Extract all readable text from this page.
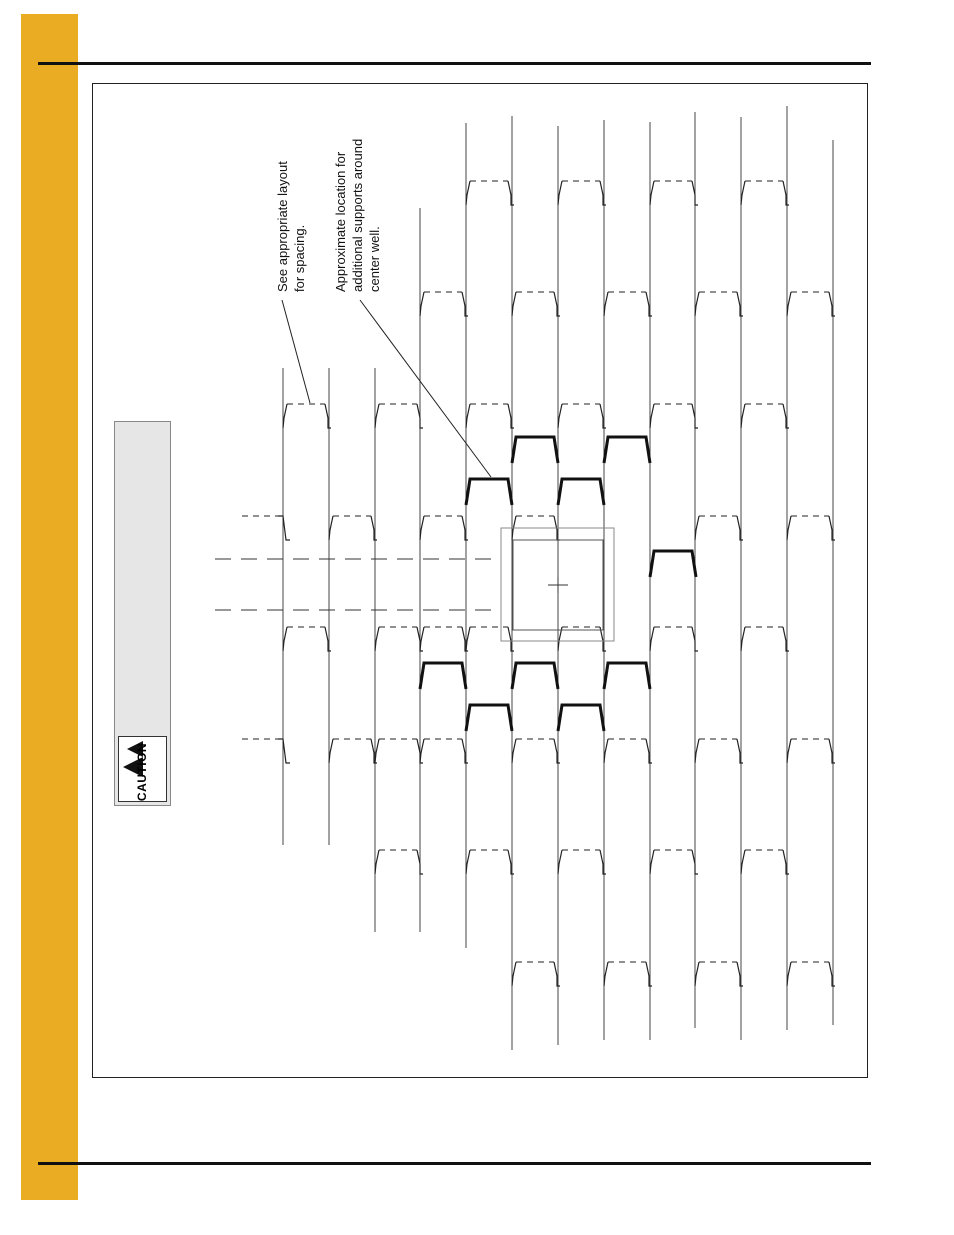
CAUTION
See appropriate layout for spacing. Approximate location for additional supports around center well.
